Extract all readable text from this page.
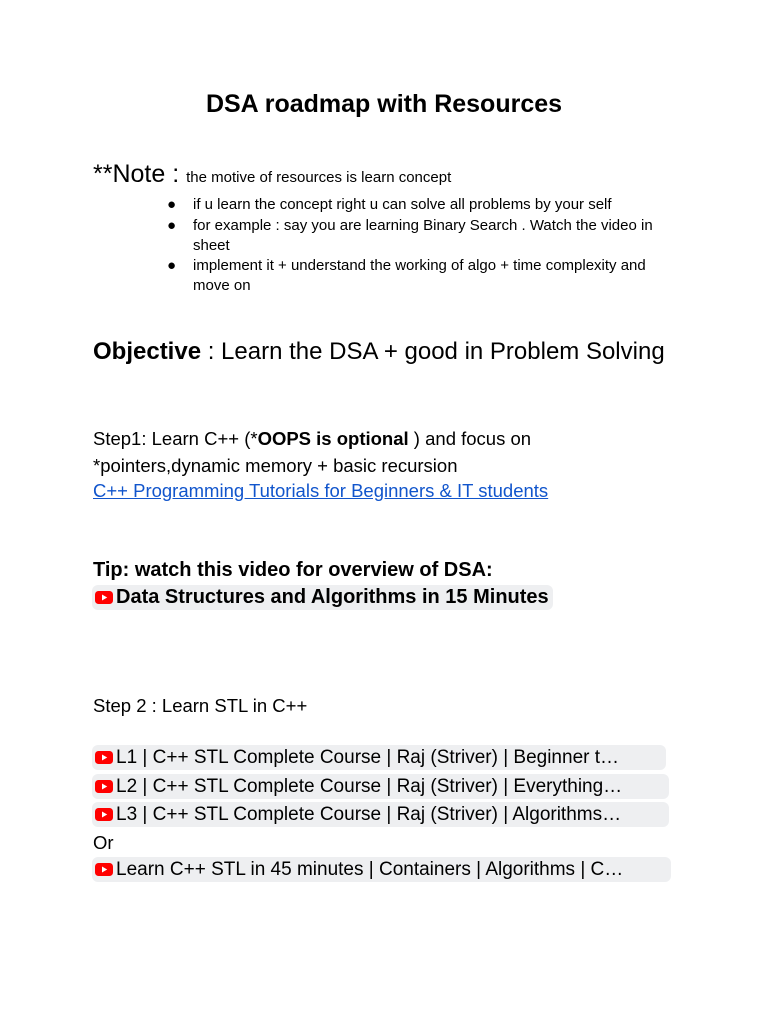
DSA roadmap with Resources
**Note : the motive of resources is learn concept
● if u learn the concept right u can solve all problems by your self
● for example : say you are learning Binary Search . Watch the video in sheet
● implement it + understand the working of algo + time complexity and move on
Objective : Learn the DSA + good in Problem Solving
Step1: Learn C++ (*OOPS is optional ) and focus on *pointers,dynamic memory + basic recursion
C++ Programming Tutorials for Beginners & IT students
Tip: watch this video for overview of DSA:
Data Structures and Algorithms in 15 Minutes
Step 2 : Learn STL in C++
L1 | C++ STL Complete Course | Raj (Striver) | Beginner t…
L2 | C++ STL Complete Course | Raj (Striver) | Everything…
L3 | C++ STL Complete Course | Raj (Striver) | Algorithms…
Or
Learn C++ STL in 45 minutes | Containers | Algorithms | C…
